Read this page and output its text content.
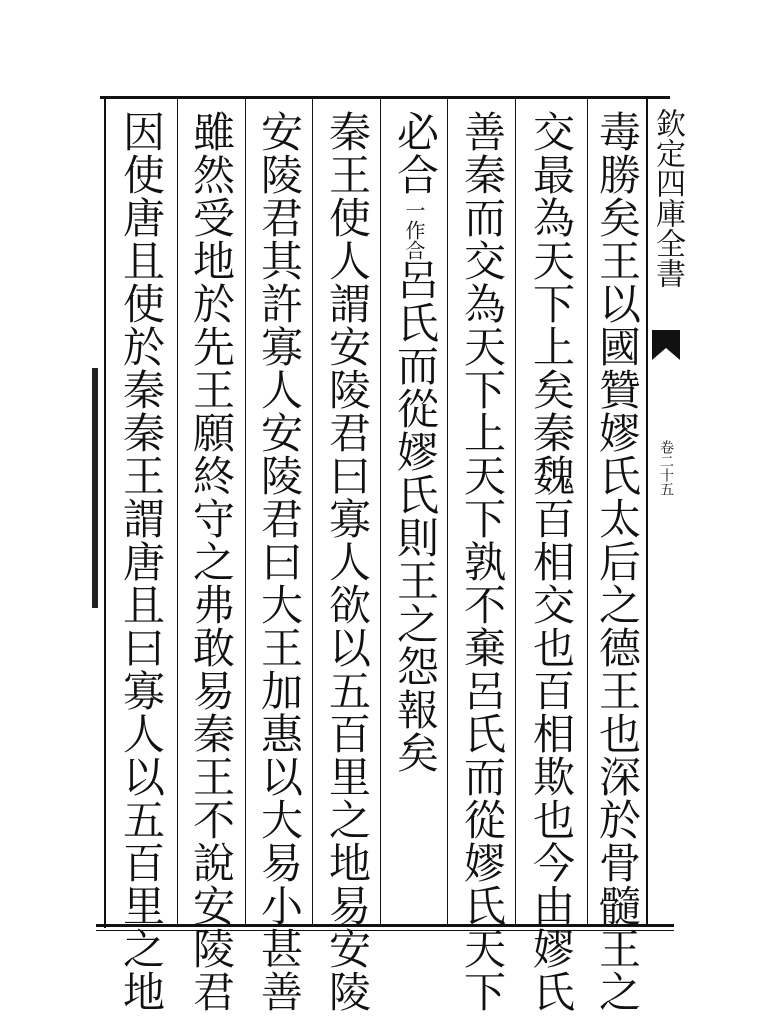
欽定四庫全書
卷二十五
毒勝矣王以國贊嫪氏太后之德王也深於骨髓王之
交最為天下上矣秦魏百相交也百相欺也今由嫪氏
善秦而交為天下上天下孰不棄呂氏而從嫪氏天下
必合
一作合
呂氏而從嫪氏則王之怨報矣
秦王使人謂安陵君曰寡人欲以五百里之地易安陵
安陵君其許寡人安陵君曰大王加惠以大易小甚善
雖然受地於先王願終守之弗敢易秦王不說安陵君
因使唐且使於秦秦王謂唐且曰寡人以五百里之地
